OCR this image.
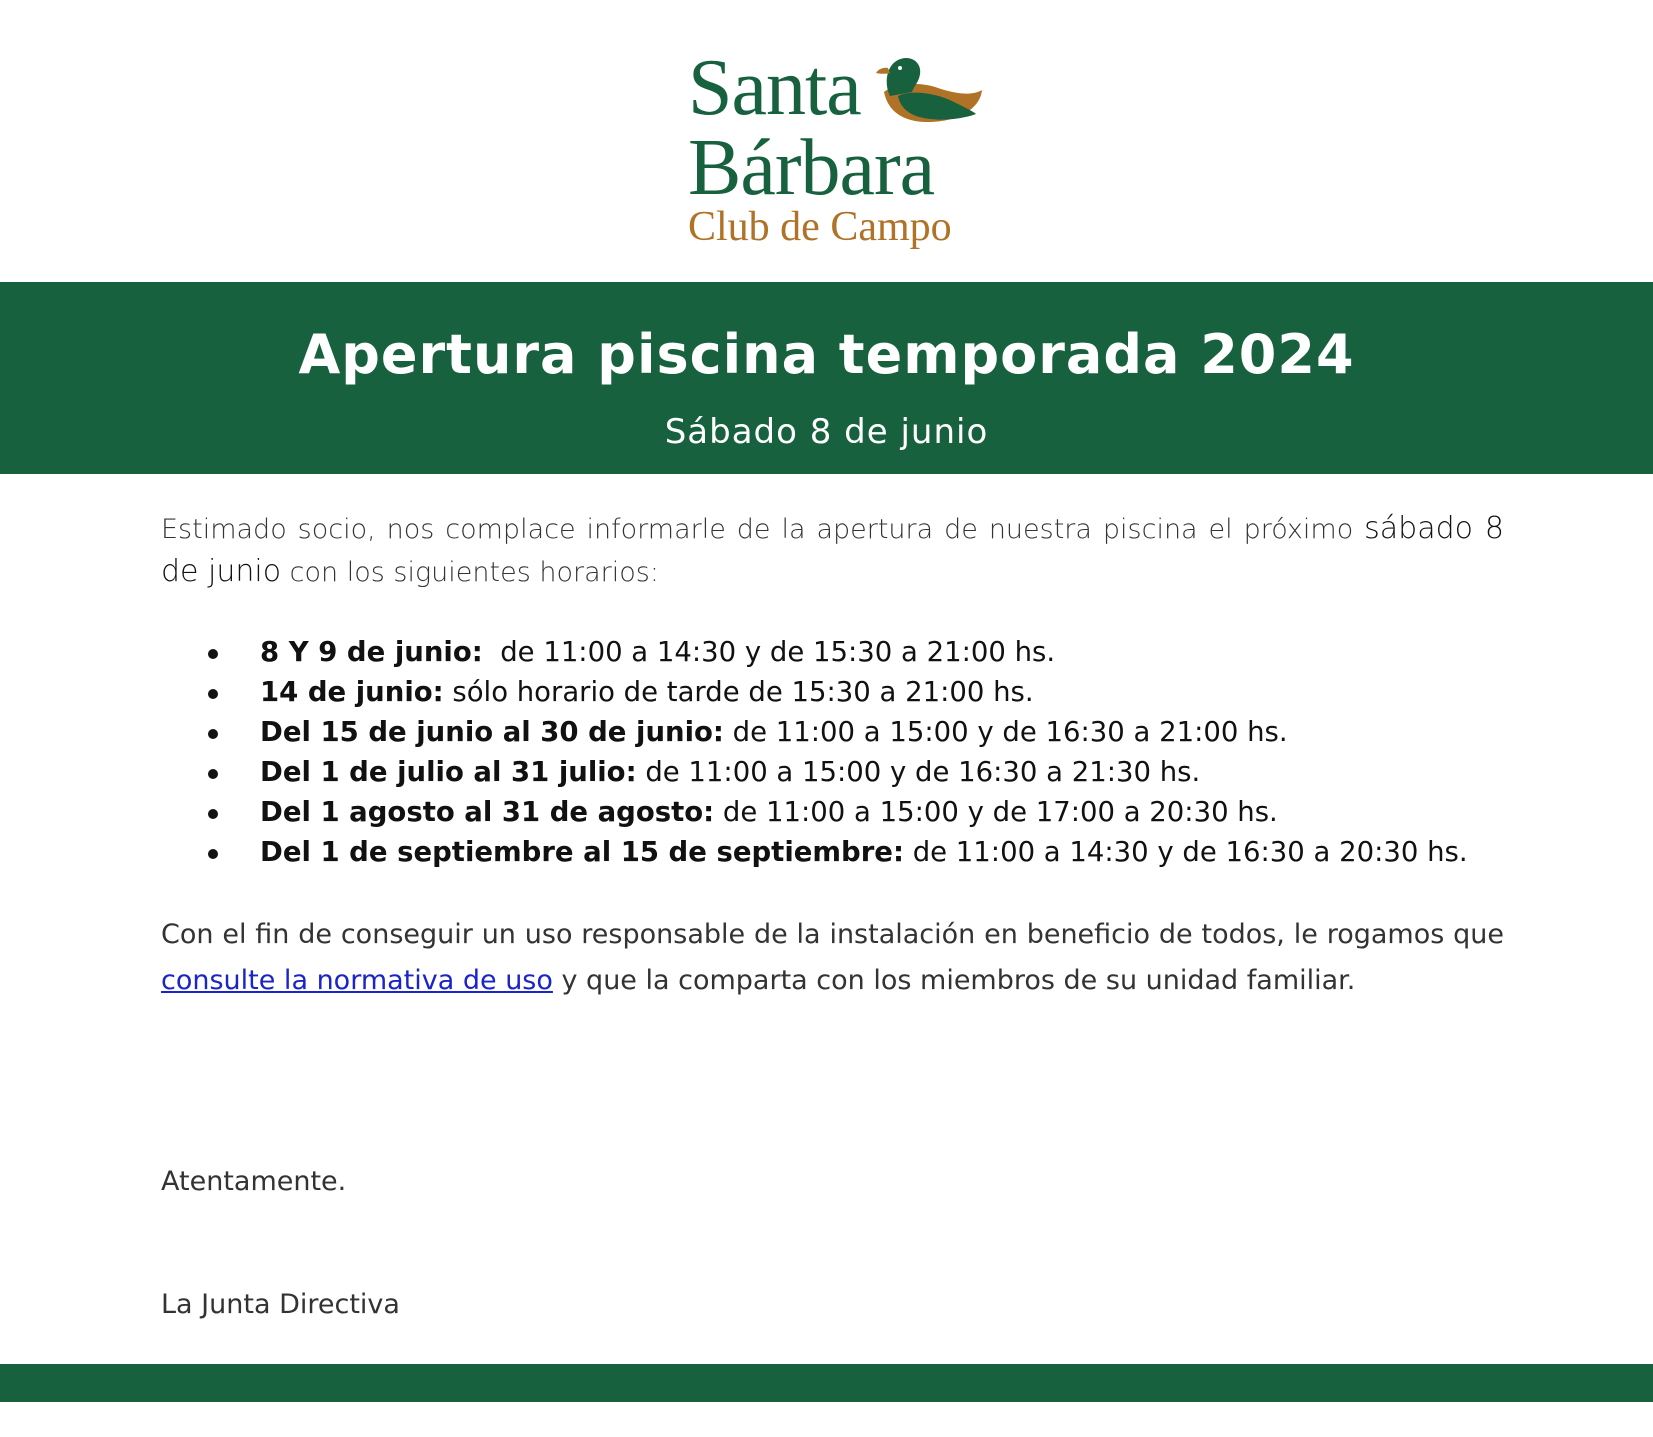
Santa
Bárbara
Club de Campo
Apertura piscina temporada 2024
Sábado 8 de junio
Estimado socio, nos complace informarle de la apertura de nuestra piscina el próximo sábado 8 de junio con los siguientes horarios:
8 Y 9 de junio:  de 11:00 a 14:30 y de 15:30 a 21:00 hs.
14 de junio: sólo horario de tarde de 15:30 a 21:00 hs.
Del 15 de junio al 30 de junio: de 11:00 a 15:00 y de 16:30 a 21:00 hs.
Del 1 de julio al 31 julio: de 11:00 a 15:00 y de 16:30 a 21:30 hs.
Del 1 agosto al 31 de agosto: de 11:00 a 15:00 y de 17:00 a 20:30 hs.
Del 1 de septiembre al 15 de septiembre: de 11:00 a 14:30 y de 16:30 a 20:30 hs.
Con el fin de conseguir un uso responsable de la instalación en beneficio de todos, le rogamos que consulte la normativa de uso y que la comparta con los miembros de su unidad familiar.
Atentamente.
La Junta Directiva
